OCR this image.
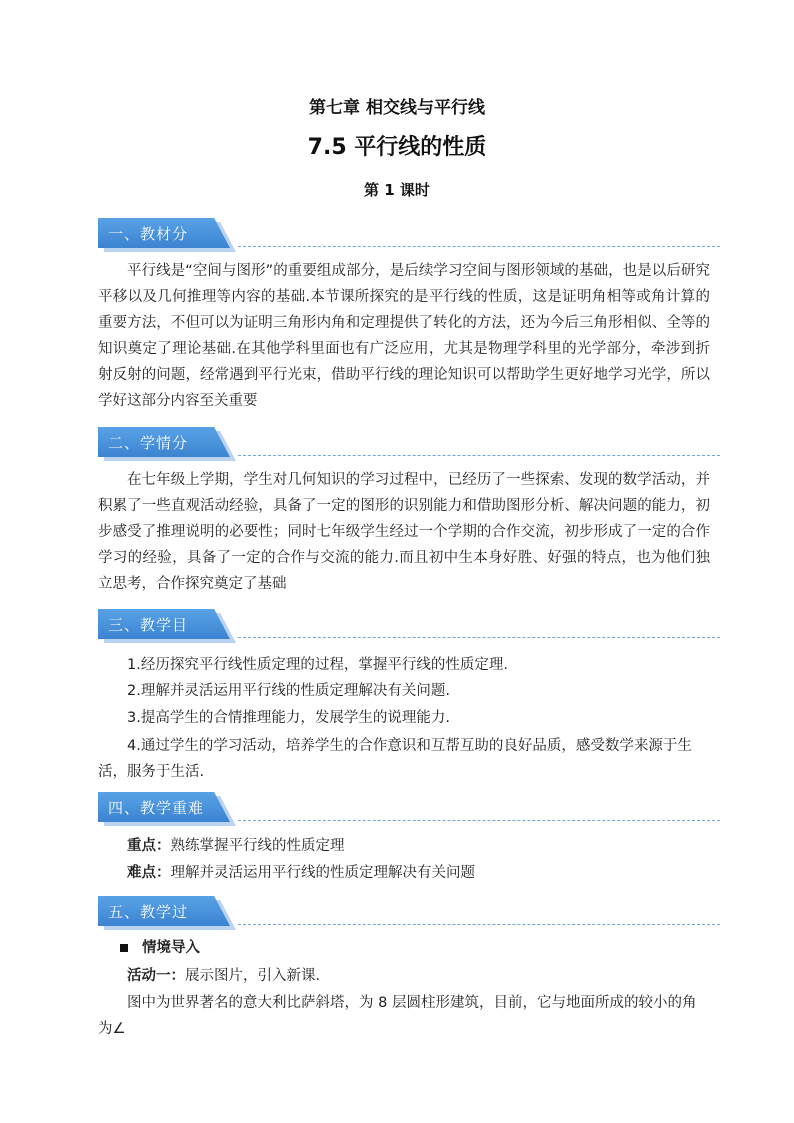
第七章 相交线与平行线
7.5 平行线的性质
第 1 课时
一、教材分
平行线是“空间与图形”的重要组成部分，是后续学习空间与图形领域的基础，也是以后研究平移以及几何推理等内容的基础.本节课所探究的是平行线的性质，这是证明角相等或角计算的重要方法，不但可以为证明三角形内角和定理提供了转化的方法，还为今后三角形相似、全等的知识奠定了理论基础.在其他学科里面也有广泛应用，尤其是物理学科里的光学部分，牵涉到折射反射的问题，经常遇到平行光束，借助平行线的理论知识可以帮助学生更好地学习光学，所以学好这部分内容至关重要
二、学情分
在七年级上学期，学生对几何知识的学习过程中，已经历了一些探索、发现的数学活动，并积累了一些直观活动经验，具备了一定的图形的识别能力和借助图形分析、解决问题的能力，初步感受了推理说明的必要性；同时七年级学生经过一个学期的合作交流，初步形成了一定的合作学习的经验，具备了一定的合作与交流的能力.而且初中生本身好胜、好强的特点，也为他们独立思考，合作探究奠定了基础
三、教学目
1.经历探究平行线性质定理的过程，掌握平行线的性质定理.
2.理解并灵活运用平行线的性质定理解决有关问题.
3.提高学生的合情推理能力，发展学生的说理能力.
4.通过学生的学习活动，培养学生的合作意识和互帮互助的良好品质，感受数学来源于生活，服务于生活.
四、教学重难
重点：熟练掌握平行线的性质定理
难点：理解并灵活运用平行线的性质定理解决有关问题
五、教学过
情境导入
活动一：展示图片，引入新课．
图中为世界著名的意大利比萨斜塔，为 8 层圆柱形建筑，目前，它与地面所成的较小的角为∠
